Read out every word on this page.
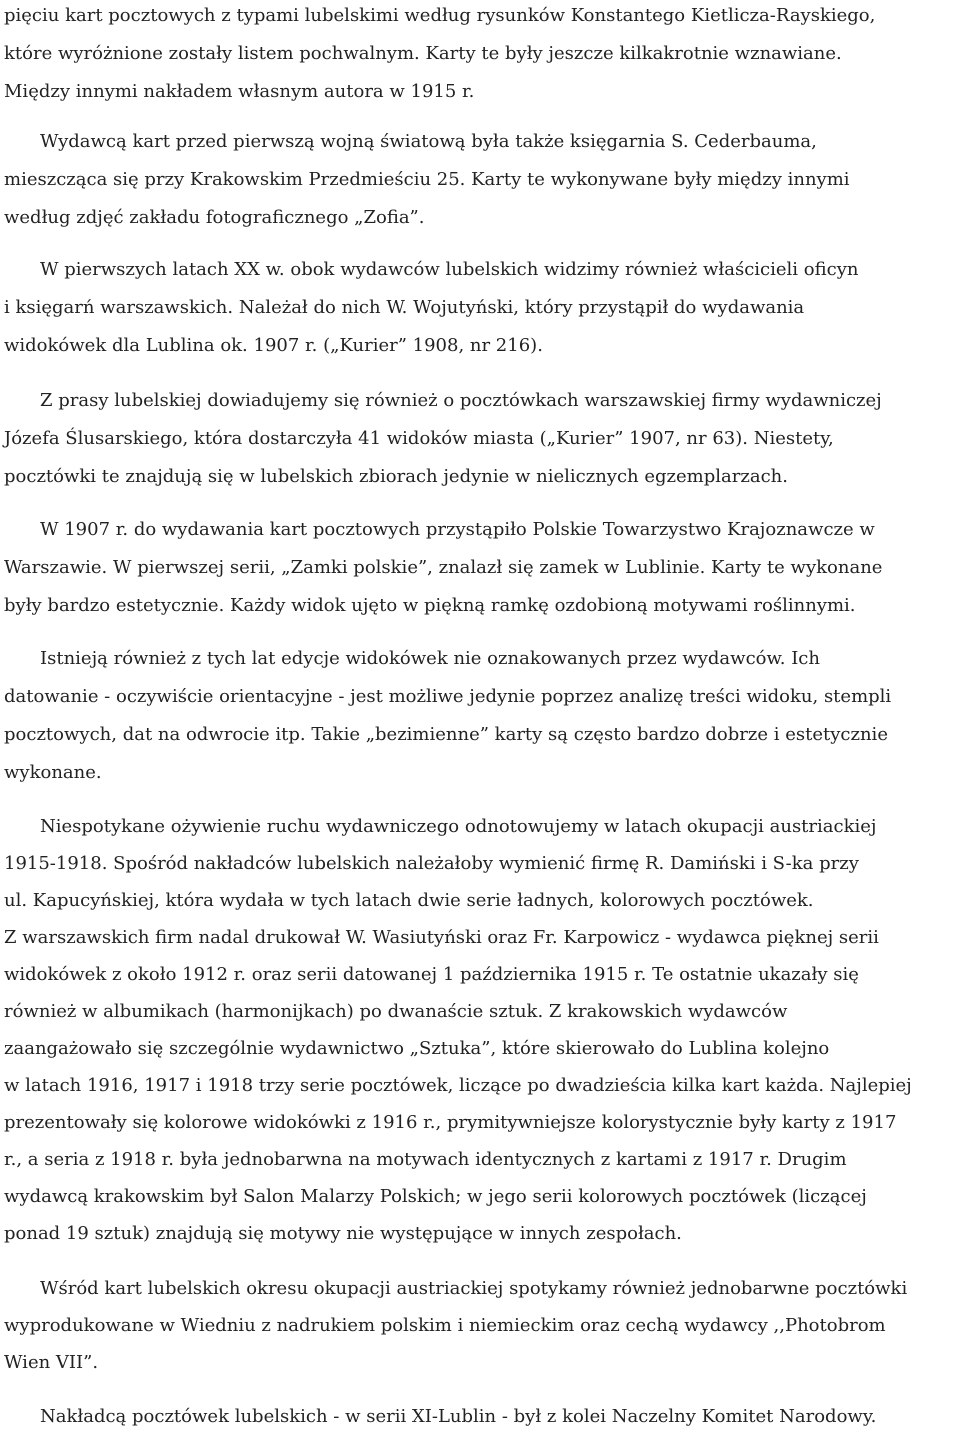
pięciu kart pocztowych z typami lubelskimi według rysunków Konstantego Kietlicza-Rayskiego,
które wyróżnione zostały listem pochwalnym. Karty te były jeszcze kilkakrotnie wznawiane.
Między innymi nakładem własnym autora w 1915 r.
Wydawcą kart przed pierwszą wojną światową była także księgarnia S. Cederbauma,
mieszcząca się przy Krakowskim Przedmieściu 25. Karty te wykonywane były między innymi
według zdjęć zakładu fotograficznego „Zofia”.
W pierwszych latach XX w. obok wydawców lubelskich widzimy również właścicieli oficyn
i księgarń warszawskich. Należał do nich W. Wojutyński, który przystąpił do wydawania
widokówek dla Lublina ok. 1907 r. („Kurier” 1908, nr 216).
Z prasy lubelskiej dowiadujemy się również o pocztówkach warszawskiej firmy wydawniczej
Józefa Ślusarskiego, która dostarczyła 41 widoków miasta („Kurier” 1907, nr 63). Niestety,
pocztówki te znajdują się w lubelskich zbiorach jedynie w nielicznych egzemplarzach.
W 1907 r. do wydawania kart pocztowych przystąpiło Polskie Towarzystwo Krajoznawcze w
Warszawie. W pierwszej serii, „Zamki polskie”, znalazł się zamek w Lublinie. Karty te wykonane
były bardzo estetycznie. Każdy widok ujęto w piękną ramkę ozdobioną motywami roślinnymi.
Istnieją również z tych lat edycje widokówek nie oznakowanych przez wydawców. Ich
datowanie - oczywiście orientacyjne - jest możliwe jedynie poprzez analizę treści widoku, stempli
pocztowych, dat na odwrocie itp. Takie „bezimienne” karty są często bardzo dobrze i estetycznie
wykonane.
Niespotykane ożywienie ruchu wydawniczego odnotowujemy w latach okupacji austriackiej
1915-1918. Spośród nakładców lubelskich należałoby wymienić firmę R. Damiński i S-ka przy
ul. Kapucyńskiej, która wydała w tych latach dwie serie ładnych, kolorowych pocztówek.
Z warszawskich firm nadal drukował W. Wasiutyński oraz Fr. Karpowicz - wydawca pięknej serii
widokówek z około 1912 r. oraz serii datowanej 1 października 1915 r. Te ostatnie ukazały się
również w albumikach (harmonijkach) po dwanaście sztuk. Z krakowskich wydawców
zaangażowało się szczególnie wydawnictwo „Sztuka”, które skierowało do Lublina kolejno
w latach 1916, 1917 i 1918 trzy serie pocztówek, liczące po dwadzieścia kilka kart każda. Najlepiej
prezentowały się kolorowe widokówki z 1916 r., prymitywniejsze kolorystycznie były karty z 1917
r., a seria z 1918 r. była jednobarwna na motywach identycznych z kartami z 1917 r. Drugim
wydawcą krakowskim był Salon Malarzy Polskich; w jego serii kolorowych pocztówek (liczącej
ponad 19 sztuk) znajdują się motywy nie występujące w innych zespołach.
Wśród kart lubelskich okresu okupacji austriackiej spotykamy również jednobarwne pocztówki
wyprodukowane w Wiedniu z nadrukiem polskim i niemieckim oraz cechą wydawcy ,,Photobrom
Wien VII”.
Nakładcą pocztówek lubelskich - w serii XI-Lublin - był z kolei Naczelny Komitet Narodowy.
